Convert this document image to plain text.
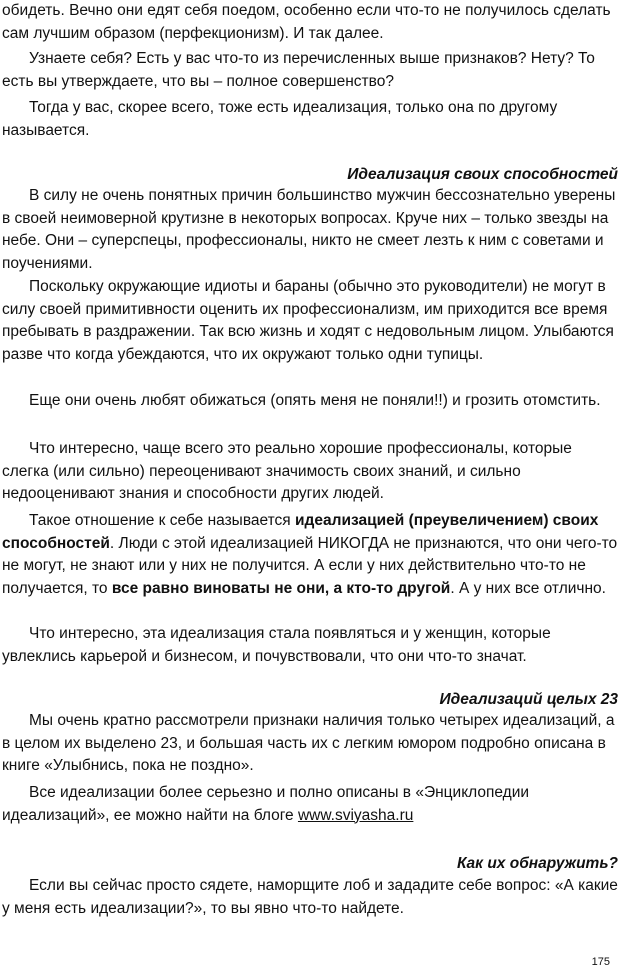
обидеть. Вечно они едят себя поедом, особенно если что-то не получилось сделать сам лучшим образом (перфекционизм). И так далее.

Узнаете себя? Есть у вас что-то из перечисленных выше признаков? Нету? То есть вы утверждаете, что вы – полное совершенство?

Тогда у вас, скорее всего, тоже есть идеализация, только она по другому называется.

Идеализация своих способностей

В силу не очень понятных причин большинство мужчин бессознательно уверены в своей неимоверной крутизне в некоторых вопросах. Круче них – только звезды на небе. Они – суперспецы, профессионалы, никто не смеет лезть к ним с советами и поучениями.

Поскольку окружающие идиоты и бараны (обычно это руководители) не могут в силу своей примитивности оценить их профессионализм, им приходится все время пребывать в раздражении. Так всю жизнь и ходят с недовольным лицом. Улыбаются разве что когда убеждаются, что их окружают только одни тупицы.

Еще они очень любят обижаться (опять меня не поняли!!) и грозить отомстить.

Что интересно, чаще всего это реально хорошие профессионалы, которые слегка (или сильно) переоценивают значимость своих знаний, и сильно недооценивают знания и способности других людей.

Такое отношение к себе называется идеализацией (преувеличением) своих способностей. Люди с этой идеализацией НИКОГДА не признаются, что они чего-то не могут, не знают или у них не получится. А если у них действительно что-то не получается, то все равно виноваты не они, а кто-то другой. А у них все отлично.

Что интересно, эта идеализация стала появляться и у женщин, которые увлеклись карьерой и бизнесом, и почувствовали, что они что-то значат.

Идеализаций целых 23

Мы очень кратно рассмотрели признаки наличия только четырех идеализаций, а в целом их выделено 23, и большая часть их с легким юмором подробно описана в книге «Улыбнись, пока не поздно».

Все идеализации более серьезно и полно описаны в «Энциклопедии идеализаций», ее можно найти на блоге www.sviyasha.ru

Как их обнаружить?

Если вы сейчас просто сядете, наморщите лоб и зададите себе вопрос: «А какие у меня есть идеализации?», то вы явно что-то найдете.

175
